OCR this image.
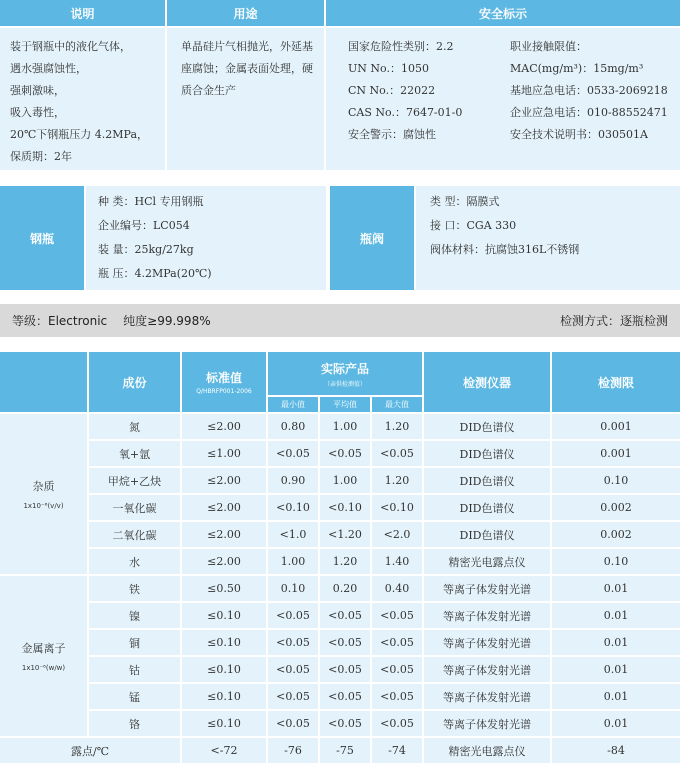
说明	用途	安全标示
装于钢瓶中的液化气体，
遇水强腐蚀性，
强刺激味，
吸入毒性，
20℃下钢瓶压力 4.2MPa，
保质期：2年
单晶硅片气相抛光，外延基
座腐蚀；金属表面处理，硬
质合金生产
国家危险性类别：2.2
UN No.：1050
CN No.：22022
CAS No.：7647-01-0
安全警示：腐蚀性
职业接触限值：
MAC(mg/m³)：15mg/m³
基地应急电话：0533-2069218
企业应急电话：010-88552471
安全技术说明书：030501A
钢瓶
种 类：HCl 专用钢瓶
企业编号：LC054
装 量：25kg/27kg
瓶 压：4.2MPa(20℃)
瓶阀
类 型：隔膜式
接 口：CGA 330
阀体材料：抗腐蚀316L不锈钢
等级：Electronic 纯度≥99.998%	检测方式：逐瓶检测
成份	标准值
Q/HBRFP001-2006
实际产品
（亲供检测值）
最小值	平均值	最大值
检测仪器	检测限
杂质
1x10⁻⁶(v/v)
金属离子
1x10⁻⁶(w/w)
氮	≤2.00	0.80	1.00	1.20	DID色谱仪	0.001
氧+氩	≤1.00	<0.05 <0.05 <0.05	DID色谱仪	0.001
甲烷+乙炔	≤2.00	0.90	1.00	1.20	DID色谱仪	0.10
一氧化碳	≤2.00	<0.10 <0.10 <0.10	DID色谱仪	0.002
二氧化碳	≤2.00	<1.0 <1.20 <2.0	DID色谱仪	0.002
水	≤2.00	1.00	1.20	1.40	精密光电露点仪	0.10
铁	≤0.50	0.10	0.20	0.40	等离子体发射光谱	0.01
镍	≤0.10	<0.05 <0.05 <0.05	等离子体发射光谱	0.01
铜	≤0.10	<0.05 <0.05 <0.05	等离子体发射光谱	0.01
钴	≤0.10	<0.05 <0.05 <0.05	等离子体发射光谱	0.01
锰	≤0.10	<0.05 <0.05 <0.05	等离子体发射光谱	0.01
铬	≤0.10	<0.05 <0.05 <0.05	等离子体发射光谱	0.01
露点/℃	<-72	-76	-75	-74	精密光电露点仪	-84
